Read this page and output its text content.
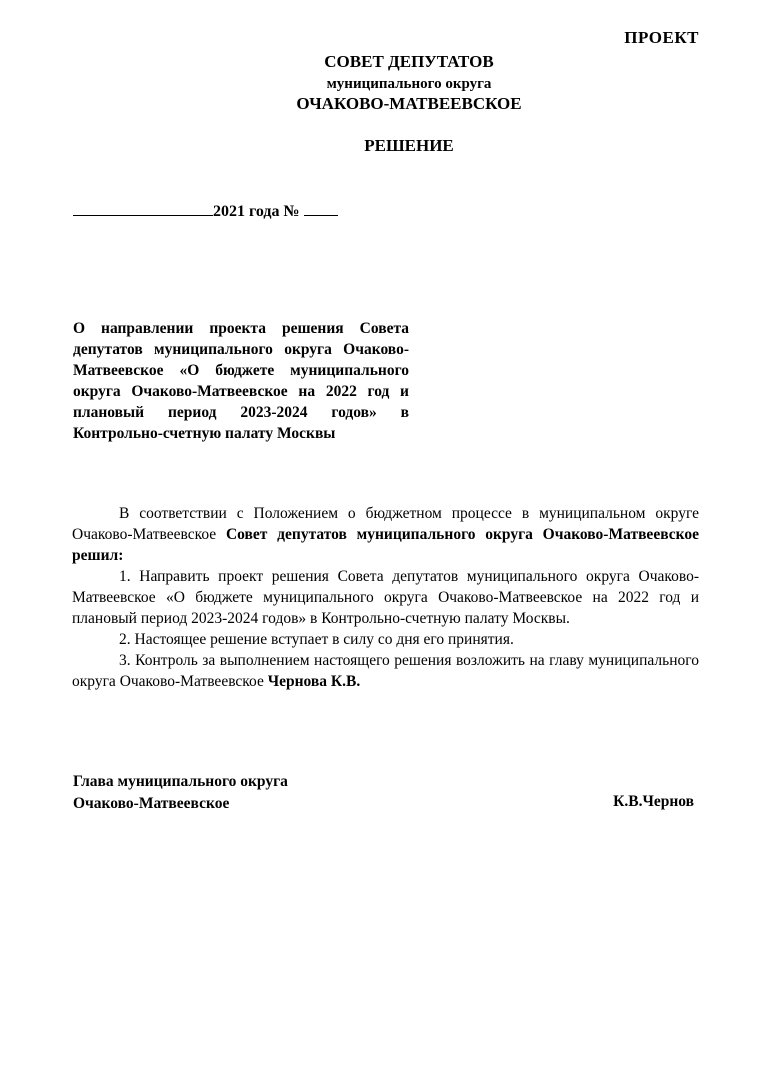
ПРОЕКТ
СОВЕТ ДЕПУТАТОВ
муниципального округа
ОЧАКОВО-МАТВЕЕВСКОЕ
РЕШЕНИЕ
2021 года №
О направлении проекта решения Совета депутатов муниципального округа Очаково-Матвеевское «О бюджете муниципального округа Очаково-Матвеевское на 2022 год и плановый период 2023-2024 годов» в Контрольно-счетную палату Москвы

В соответствии с Положением о бюджетном процессе в муниципальном округе Очаково-Матвеевское Совет депутатов муниципального округа Очаково-Матвеевское решил:

1. Направить проект решения Совета депутатов муниципального округа Очаково-Матвеевское «О бюджете муниципального округа Очаково-Матвеевское на 2022 год и плановый период 2023-2024 годов» в Контрольно-счетную палату Москвы.

2. Настоящее решение вступает в силу со дня его принятия.

3. Контроль за выполнением настоящего решения возложить на главу муниципального округа Очаково-Матвеевское Чернова К.В.

Глава муниципального округа
Очаково-Матвеевское	К.В.Чернов
